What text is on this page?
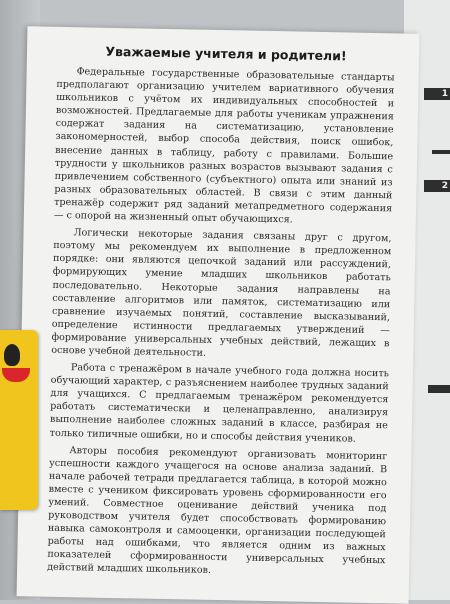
1
2
Уважаемые учителя и родители!

Федеральные государственные образовательные стандарты предполагают организацию учителем вариативного обучения школьников с учётом их индивидуальных способностей и возможностей. Предлагаемые для работы ученикам упражнения содержат задания на систематизацию, установление закономерностей, выбор способа действия, поиск ошибок, внесение данных в таблицу, работу с правилами. Большие трудности у школьников разных возрастов вызывают задания с привлечением собственного (субъектного) опыта или знаний из разных образовательных областей. В связи с этим данный тренажёр содержит ряд заданий метапредметного содержания — с опорой на жизненный опыт обучающихся.

Логически некоторые задания связаны друг с другом, поэтому мы рекомендуем их выполнение в предложенном порядке: они являются цепочкой заданий или рассуждений, формирующих умение младших школьников работать последовательно. Некоторые задания направлены на составление алгоритмов или памяток, систематизацию или сравнение изучаемых понятий, составление высказываний, определение истинности предлагаемых утверждений — формирование универсальных учебных действий, лежащих в основе учебной деятельности.

Работа с тренажёром в начале учебного года должна носить обучающий характер, с разъяснением наиболее трудных заданий для учащихся. С предлагаемым тренажёром рекомендуется работать систематически и целенаправленно, анализируя выполнение наиболее сложных заданий в классе, разбирая не только типичные ошибки, но и способы действия учеников.

Авторы пособия рекомендуют организовать мониторинг успешности каждого учащегося на основе анализа заданий. В начале рабочей тетради предлагается таблица, в которой можно вместе с учеником фиксировать уровень сформированности его умений. Совместное оценивание действий ученика под руководством учителя будет способствовать формированию навыка самоконтроля и самооценки, организации последующей работы над ошибками, что является одним из важных показателей сформированности универсальных учебных действий младших школьников.
